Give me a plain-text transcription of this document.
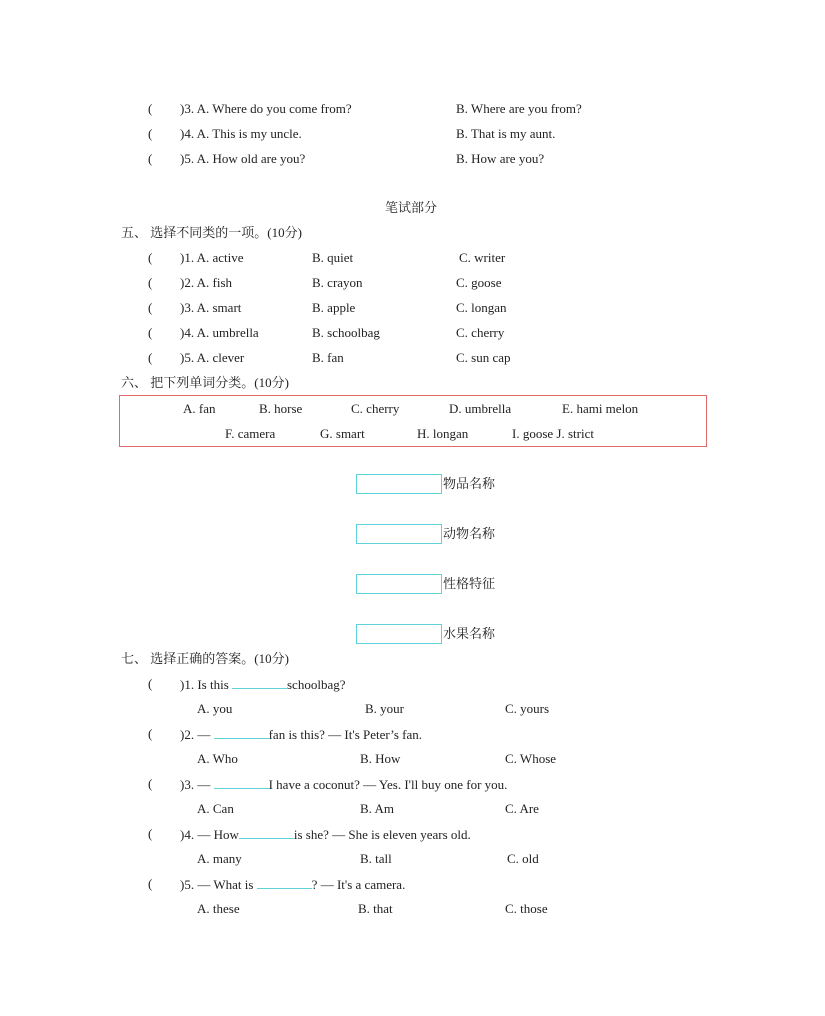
笔试部分
五、 选择不同类的一项。(10分)
六、 把下列单词分类。(10分)
七、 选择正确的答案。(10分)
( )3. A. Where do you come from?	B. Where are you from?
( )4. A. This is my uncle.	B. That is my aunt.
( )5. A. How old are you?	B. How are you?
( )1. A. active	B. quiet	C. writer
( )2. A. fish	B. crayon	C. goose
( )3. A. smart	B. apple	C. longan
( )4. A. umbrella	B. schoolbag	C. cherry
( )5. A. clever	B. fan	C. sun cap
A. fan	B. horse	C. cherry	D. umbrella	E. hami melon
F. camera	G. smart	H. longan	I. goose J. strict
物品名称
动物名称
性格特征
水果名称
( )1. Is this	schoolbag?
A. you	B. your	C. yours
( )2. —	fan is this? — It's Peter’s fan.
A. Who	B. How	C. Whose
( )3. —	I have a coconut? — Yes. I'll buy one for you.
A. Can	B. Am	C. Are
( )4. — How	is she? — She is eleven years old.
A. many	B. tall	C. old
( )5. — What is	? — It's a camera.
A. these	B. that	C. those
